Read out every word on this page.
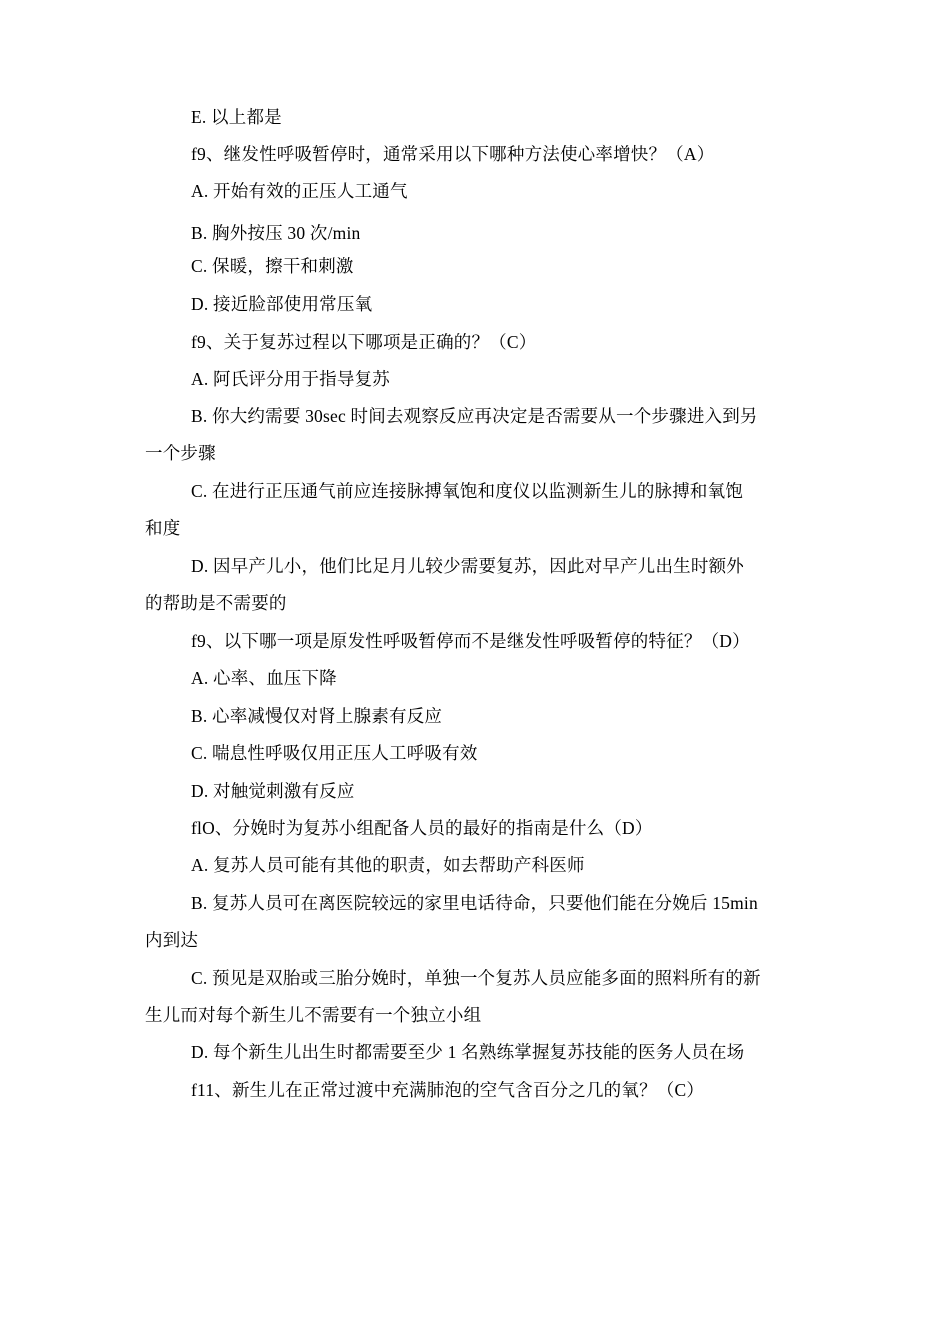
E. 以上都是
f9、继发性呼吸暂停时，通常采用以下哪种方法使心率增快？（A）
A. 开始有效的正压人工通气
B. 胸外按压 30 次/min
C. 保暖，擦干和刺激
D. 接近脸部使用常压氧
f9、关于复苏过程以下哪项是正确的？（C）
A. 阿氏评分用于指导复苏
B. 你大约需要 30sec 时间去观察反应再决定是否需要从一个步骤进入到另
一个步骤
C. 在进行正压通气前应连接脉搏氧饱和度仪以监测新生儿的脉搏和氧饱
和度
D. 因早产儿小，他们比足月儿较少需要复苏，因此对早产儿出生时额外
的帮助是不需要的
f9、以下哪一项是原发性呼吸暂停而不是继发性呼吸暂停的特征？（D）
A. 心率、血压下降
B. 心率减慢仅对肾上腺素有反应
C. 喘息性呼吸仅用正压人工呼吸有效
D. 对触觉刺激有反应
flO、分娩时为复苏小组配备人员的最好的指南是什么（D）
A. 复苏人员可能有其他的职责，如去帮助产科医师
B. 复苏人员可在离医院较远的家里电话待命，只要他们能在分娩后 15min
内到达
C. 预见是双胎或三胎分娩时，单独一个复苏人员应能多面的照料所有的新
生儿而对每个新生儿不需要有一个独立小组
D. 每个新生儿出生时都需要至少 1 名熟练掌握复苏技能的医务人员在场
f11、新生儿在正常过渡中充满肺泡的空气含百分之几的氧？（C）
